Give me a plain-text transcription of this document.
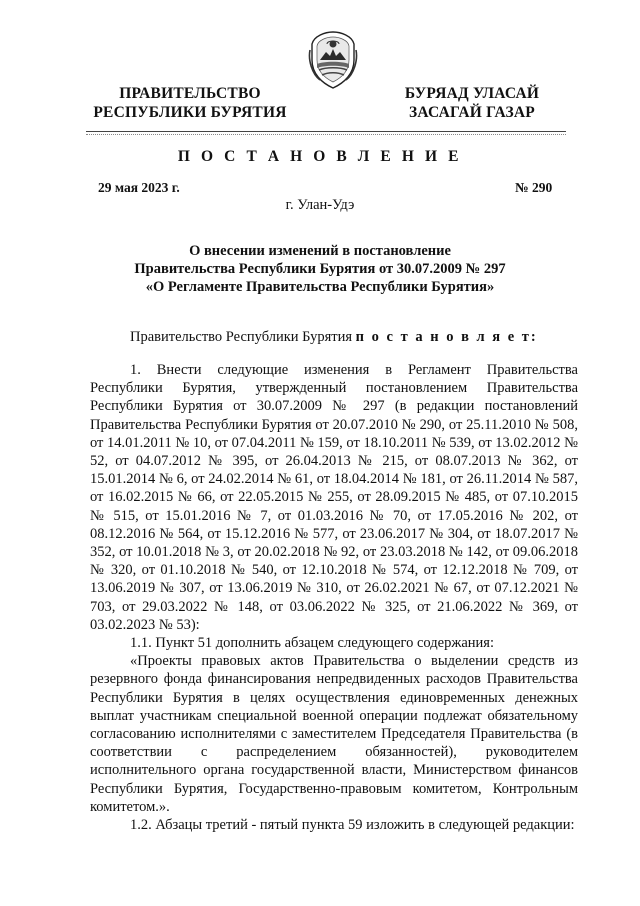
ПРАВИТЕЛЬСТВО
РЕСПУБЛИКИ БУРЯТИЯ
БУРЯАД УЛАСАЙ
ЗАСАГАЙ ГАЗАР
П О С Т А Н О В Л Е Н И Е
29 мая 2023 г.	№ 290
г. Улан-Удэ
О внесении изменений в постановление
Правительства Республики Бурятия от 30.07.2009 № 297
«О Регламенте Правительства Республики Бурятия»
Правительство Республики Бурятия п о с т а н о в л я е т:

1. Внести следующие изменения в Регламент Правительства Республики Бурятия, утвержденный постановлением Правительства Республики Бурятия от 30.07.2009 № 297 (в редакции постановлений Правительства Республики Бурятия от 20.07.2010 № 290, от 25.11.2010 № 508, от 14.01.2011 № 10, от 07.04.2011 № 159, от 18.10.2011 № 539, от 13.02.2012 № 52, от 04.07.2012 № 395, от 26.04.2013 № 215, от 08.07.2013 № 362, от 15.01.2014 № 6, от 24.02.2014 № 61, от 18.04.2014 № 181, от 26.11.2014 № 587, от 16.02.2015 № 66, от 22.05.2015 № 255, от 28.09.2015 № 485, от 07.10.2015 № 515, от 15.01.2016 № 7, от 01.03.2016 № 70, от 17.05.2016 № 202, от 08.12.2016 № 564, от 15.12.2016 № 577, от 23.06.2017 № 304, от 18.07.2017 № 352, от 10.01.2018 № 3, от 20.02.2018 № 92, от 23.03.2018 № 142, от 09.06.2018 № 320, от 01.10.2018 № 540, от 12.10.2018 № 574, от 12.12.2018 № 709, от 13.06.2019 № 307, от 13.06.2019 № 310, от 26.02.2021 № 67, от 07.12.2021 № 703, от 29.03.2022 № 148, от 03.06.2022 № 325, от 21.06.2022 № 369, от 03.02.2023 № 53):

1.1. Пункт 51 дополнить абзацем следующего содержания:

«Проекты правовых актов Правительства о выделении средств из резервного фонда финансирования непредвиденных расходов Правительства Республики Бурятия в целях осуществления единовременных денежных выплат участникам специальной военной операции подлежат обязательному согласованию исполнителями с заместителем Председателя Правительства (в соответствии с распределением обязанностей), руководителем исполнительного органа государственной власти, Министерством финансов Республики Бурятия, Государственно-правовым комитетом, Контрольным комитетом.».

1.2. Абзацы третий - пятый пункта 59 изложить в следующей редакции:
